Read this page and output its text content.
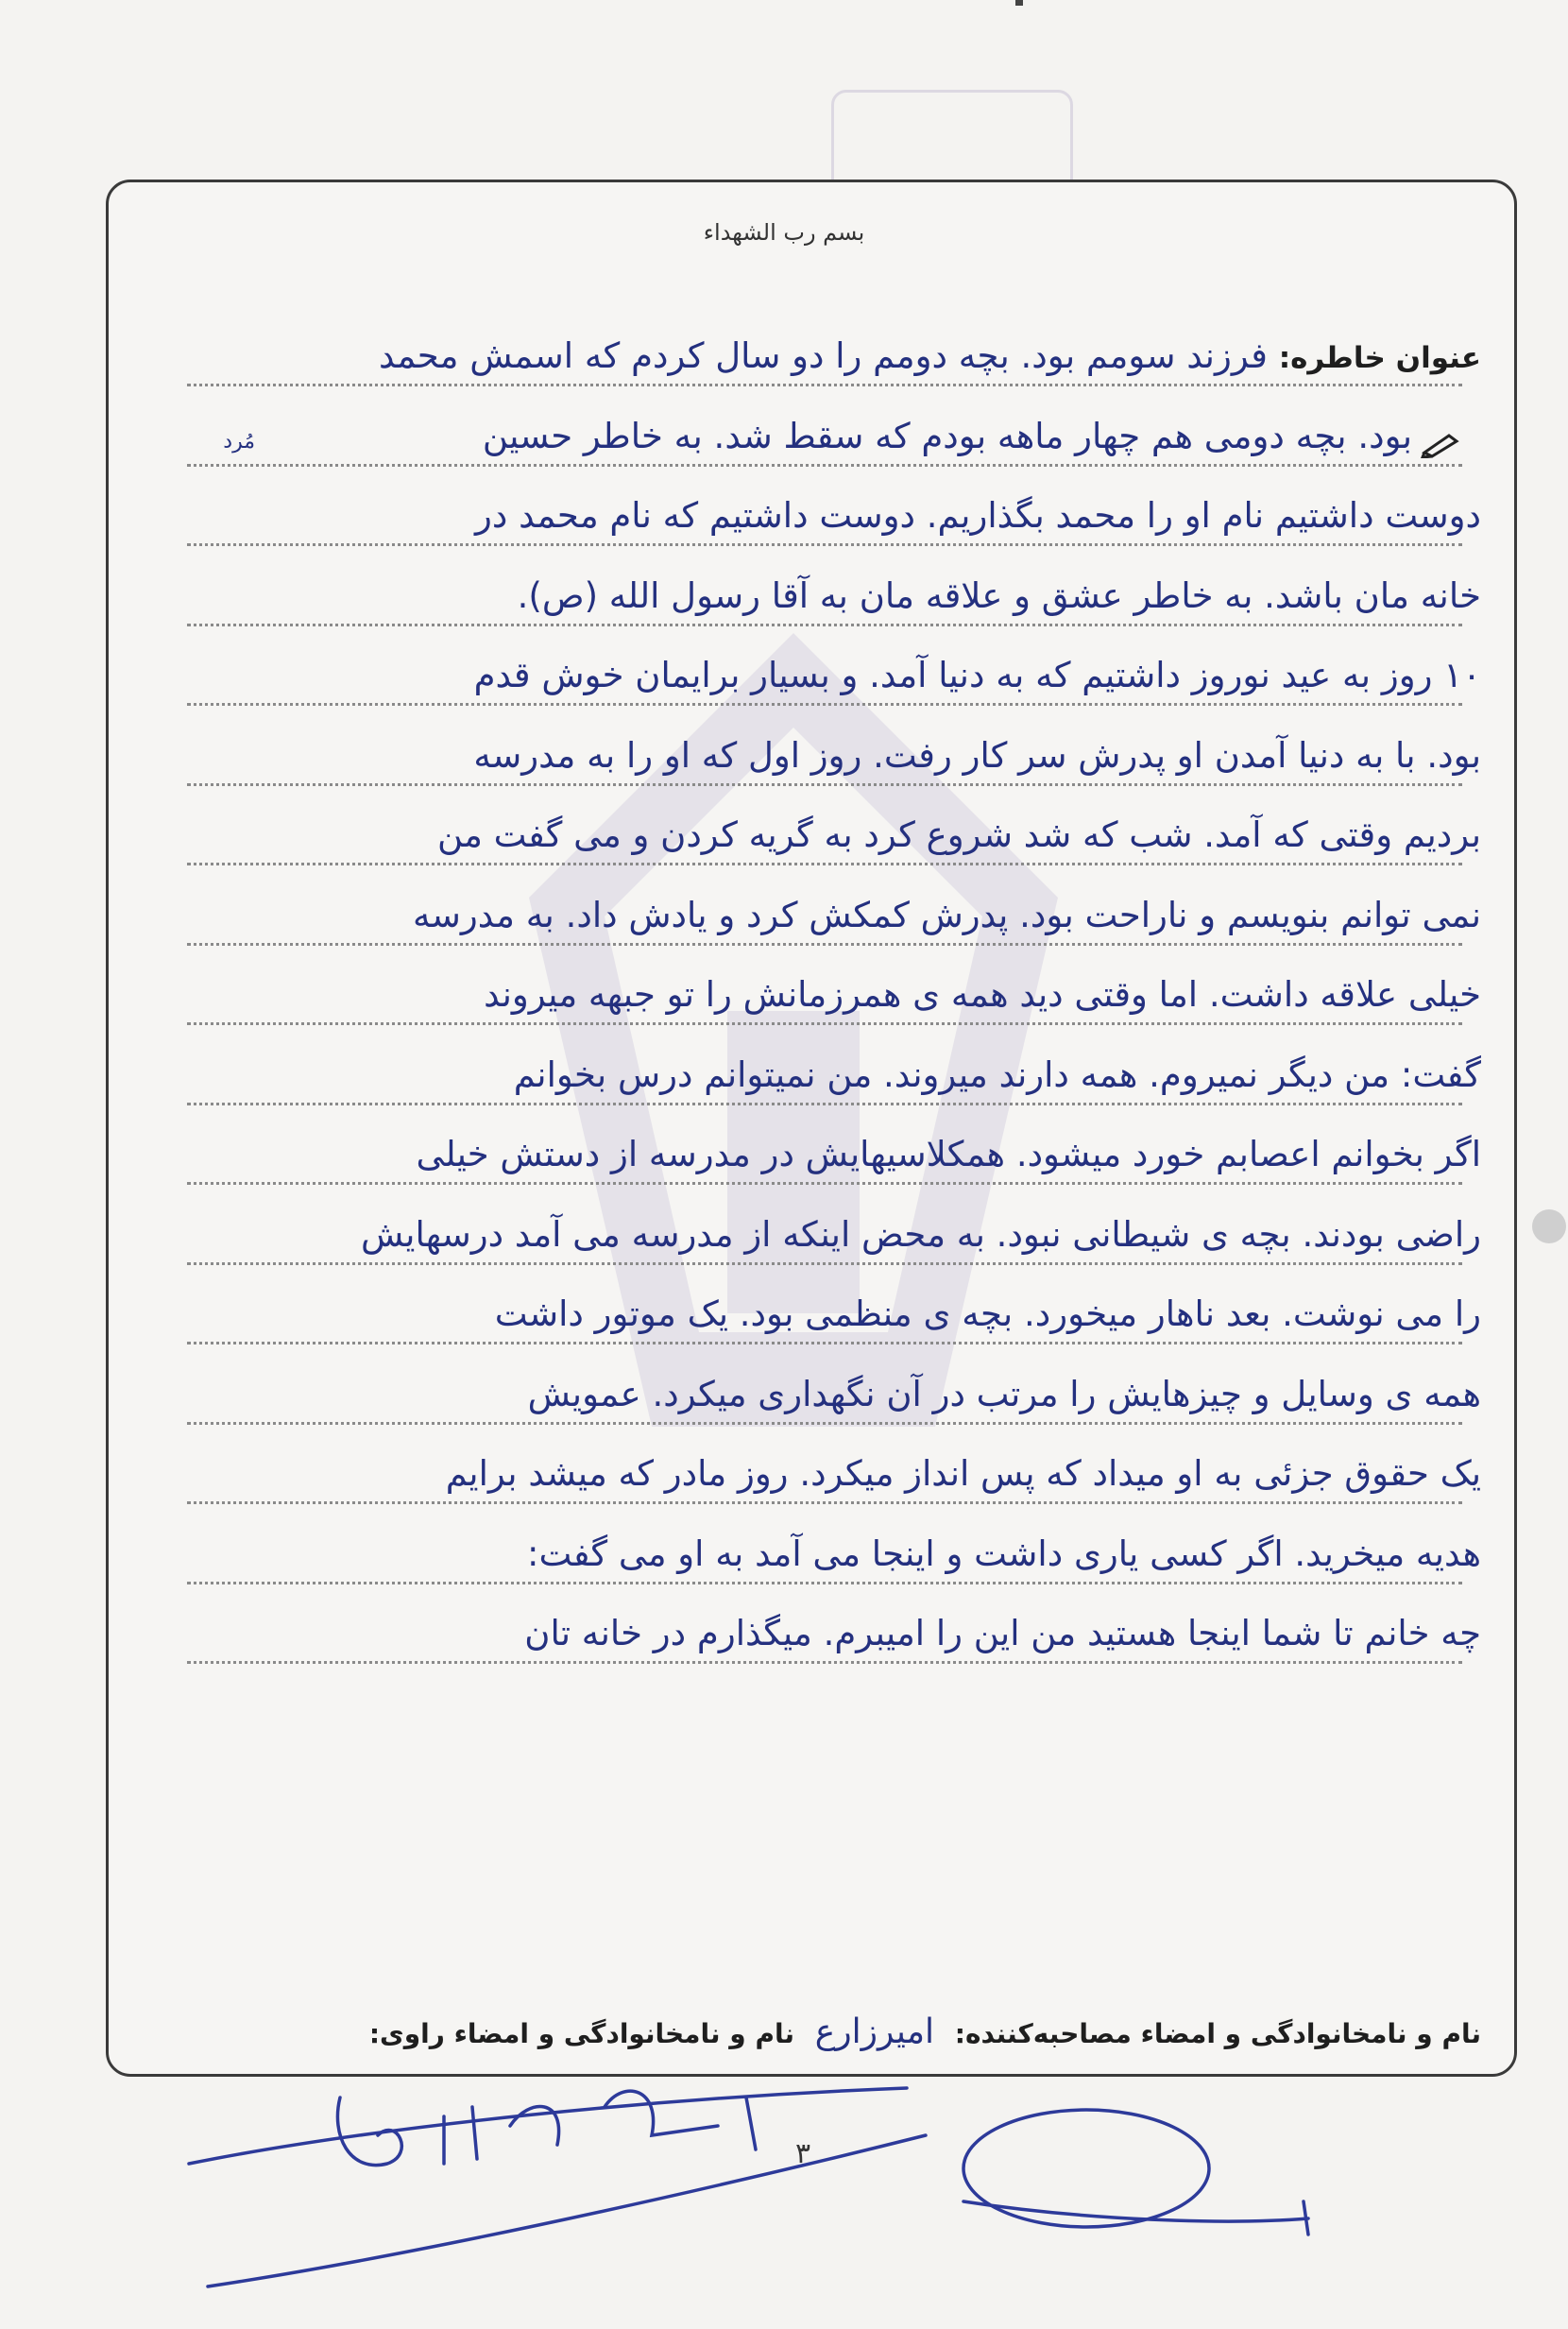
بسم رب الشهداء
عنوان خاطره: فرزند سومم بود. بچه دومم را دو سال کردم که اسمش محمد
بود. بچه دومی هم چهار ماهه بودم که سقط شد. به خاطر حسین
دوست داشتیم نام او را محمد بگذاریم. دوست داشتیم که نام محمد در
خانه مان باشد. به خاطر عشق و علاقه مان به آقا رسول الله (ص).
۱۰ روز به عید نوروز داشتیم که به دنیا آمد. و بسیار برایمان خوش قدم
بود. با به دنیا آمدن او پدرش سر کار رفت. روز اول که او را به مدرسه
بردیم وقتی که آمد. شب که شد شروع کرد به گریه کردن و می گفت من
نمی توانم بنویسم و ناراحت بود. پدرش کمکش کرد و یادش داد. به مدرسه
خیلی علاقه داشت. اما وقتی دید همه ی همرزمانش را تو جبهه میروند
گفت: من دیگر نمیروم. همه دارند میروند. من نمیتوانم درس بخوانم
اگر بخوانم اعصابم خورد میشود. همکلاسیهایش در مدرسه از دستش خیلی
راضی بودند. بچه ی شیطانی نبود. به محض اینکه از مدرسه می آمد درسهایش
را می نوشت. بعد ناهار میخورد. بچه ی منظمی بود. یک موتور داشت
همه ی وسایل و چیزهایش را مرتب در آن نگهداری میکرد. عمویش
یک حقوق جزئی به او میداد که پس انداز میکرد. روز مادر که میشد برایم
هدیه میخرید. اگر کسی یاری داشت و اینجا می آمد به او می گفت:
چه خانم تا شما اینجا هستید من این را امیبرم. میگذارم در خانه تان
مُرد
نام و نامخانوادگی و امضاء مصاحبه‌کننده: امیرزارع نام و نامخانوادگی و امضاء راوی:
۳
